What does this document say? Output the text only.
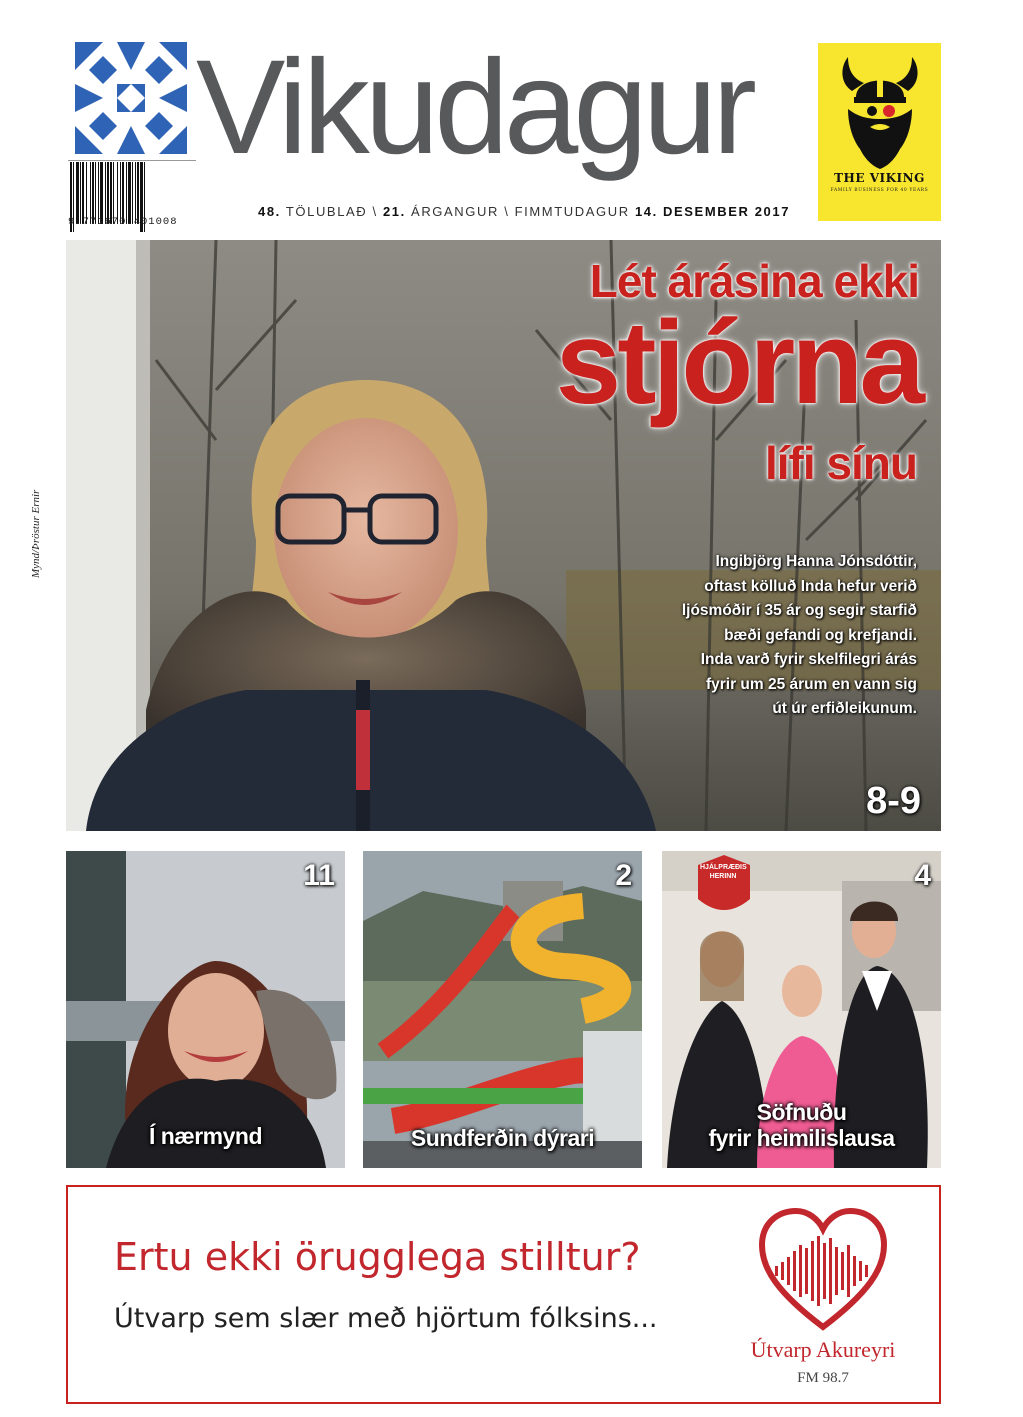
Vikudagur
9 771670 401008
48. TÖLUBLAÐ \ 21. ÁRGANGUR \ FIMMTUDAGUR 14. DESEMBER 2017
THE VIKING
FAMILY BUSINESS FOR 40 YEARS
Lét árásina ekki
stjórna
lífi sínu
Ingibjörg Hanna Jónsdóttir,
oftast kölluð Inda hefur verið
ljósmóðir í 35 ár og segir starfið
bæði gefandi og krefjandi.
Inda varð fyrir skelfilegri árás
fyrir um 25 árum en vann sig
út úr erfiðleikunum.
8-9
Mynd/Þröstur Ernir
11
Í nærmynd
2
Sundferðin dýrari
HJÁLPRÆÐIS
HERINN	4
Söfnuðu
fyrir heimilislausa
Ertu ekki örugglega stilltur?
Útvarp sem slær með hjörtum fólksins...
Útvarp Akureyri
FM 98.7
